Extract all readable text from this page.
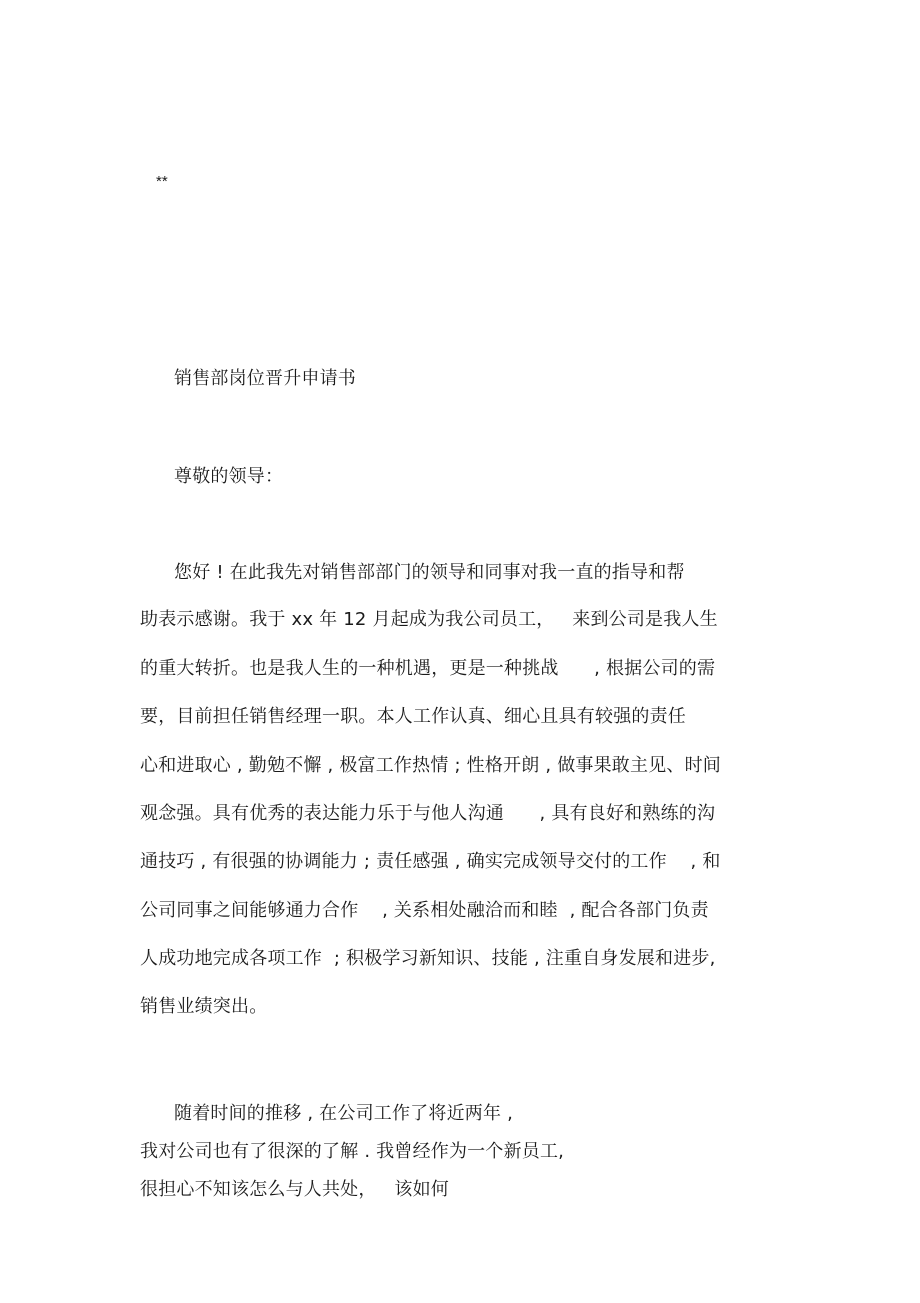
**
销售部岗位晋升申请书
尊敬的领导：
您好 ! 在此我先对销售部部门的领导和同事对我一直的指导和帮
助表示感谢。我于 xx 年 12 月起成为我公司员工，   来到公司是我人生
的重大转折。也是我人生的一种机遇，更是一种挑战      , 根据公司的需
要，目前担任销售经理一职。本人工作认真、细心且具有较强的责任
心和进取心 , 勤勉不懈 , 极富工作热情 ; 性格开朗 , 做事果敢主见、时间
观念强。具有优秀的表达能力乐于与他人沟通      , 具有良好和熟练的沟
通技巧 , 有很强的协调能力 ; 责任感强 , 确实完成领导交付的工作    , 和
公司同事之间能够通力合作    , 关系相处融洽而和睦  , 配合各部门负责
人成功地完成各项工作  ; 积极学习新知识、技能 , 注重自身发展和进步,
销售业绩突出。
随着时间的推移 , 在公司工作了将近两年 ,
我对公司也有了很深的了解 . 我曾经作为一个新员工,
很担心不知该怎么与人共处，   该如何
